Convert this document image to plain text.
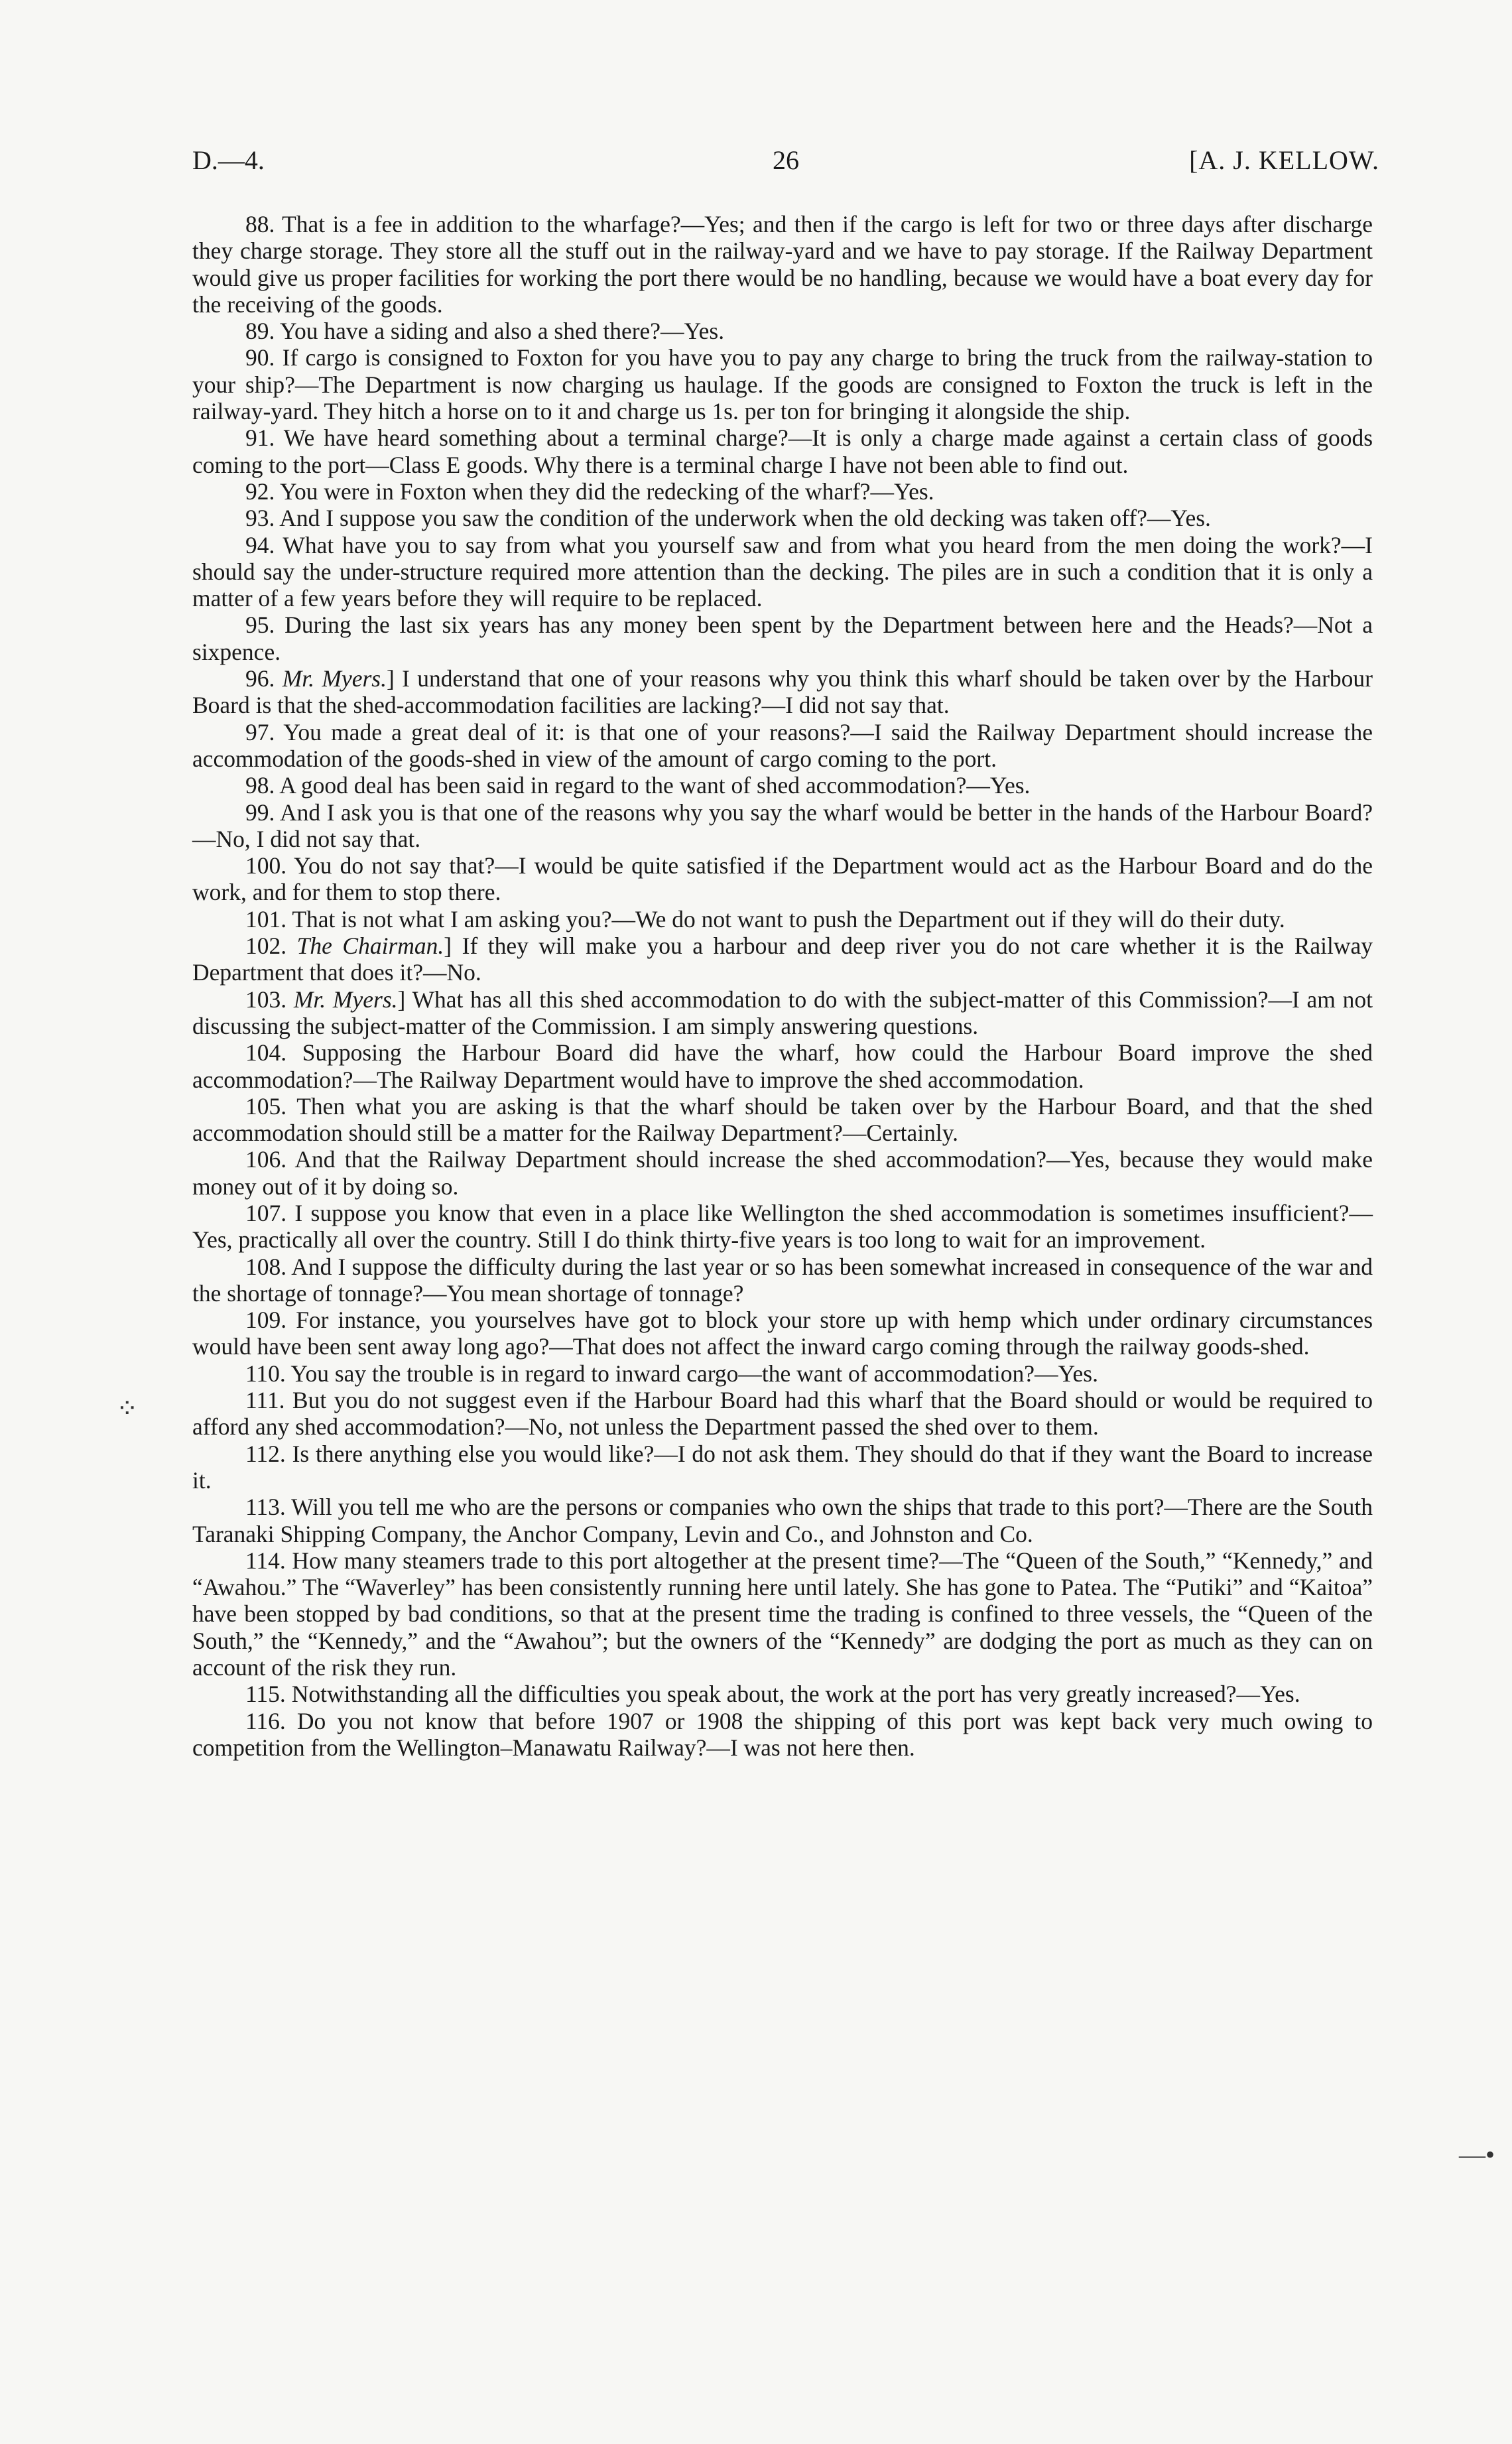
D.—4.	26	[A. J. KELLOW.
⁘
—•

88. That is a fee in addition to the wharfage?—Yes; and then if the cargo is left for two or three days after discharge they charge storage. They store all the stuff out in the railway-yard and we have to pay storage. If the Railway Department would give us proper facilities for working the port there would be no handling, because we would have a boat every day for the receiving of the goods.

89. You have a siding and also a shed there?—Yes.

90. If cargo is consigned to Foxton for you have you to pay any charge to bring the truck from the railway-station to your ship?—The Department is now charging us haulage. If the goods are consigned to Foxton the truck is left in the railway-yard. They hitch a horse on to it and charge us 1s. per ton for bringing it alongside the ship.

91. We have heard something about a terminal charge?—It is only a charge made against a certain class of goods coming to the port—Class E goods. Why there is a terminal charge I have not been able to find out.

92. You were in Foxton when they did the redecking of the wharf?—Yes.

93. And I suppose you saw the condition of the underwork when the old decking was taken off?—Yes.

94. What have you to say from what you yourself saw and from what you heard from the men doing the work?—I should say the under-structure required more attention than the decking. The piles are in such a condition that it is only a matter of a few years before they will require to be replaced.

95. During the last six years has any money been spent by the Department between here and the Heads?—Not a sixpence.

96. Mr. Myers.] I understand that one of your reasons why you think this wharf should be taken over by the Harbour Board is that the shed-accommodation facilities are lacking?—I did not say that.

97. You made a great deal of it: is that one of your reasons?—I said the Railway Department should increase the accommodation of the goods-shed in view of the amount of cargo coming to the port.

98. A good deal has been said in regard to the want of shed accommodation?—Yes.

99. And I ask you is that one of the reasons why you say the wharf would be better in the hands of the Harbour Board?—No, I did not say that.

100. You do not say that?—I would be quite satisfied if the Department would act as the Harbour Board and do the work, and for them to stop there.

101. That is not what I am asking you?—We do not want to push the Department out if they will do their duty.

102. The Chairman.] If they will make you a harbour and deep river you do not care whether it is the Railway Department that does it?—No.

103. Mr. Myers.] What has all this shed accommodation to do with the subject-matter of this Commission?—I am not discussing the subject-matter of the Commission. I am simply answering questions.

104. Supposing the Harbour Board did have the wharf, how could the Harbour Board improve the shed accommodation?—The Railway Department would have to improve the shed accommodation.

105. Then what you are asking is that the wharf should be taken over by the Harbour Board, and that the shed accommodation should still be a matter for the Railway Department?—Certainly.

106. And that the Railway Department should increase the shed accommodation?—Yes, because they would make money out of it by doing so.

107. I suppose you know that even in a place like Wellington the shed accommodation is sometimes insufficient?—Yes, practically all over the country. Still I do think thirty-five years is too long to wait for an improvement.

108. And I suppose the difficulty during the last year or so has been somewhat increased in consequence of the war and the shortage of tonnage?—You mean shortage of tonnage?

109. For instance, you yourselves have got to block your store up with hemp which under ordinary circumstances would have been sent away long ago?—That does not affect the inward cargo coming through the railway goods-shed.

110. You say the trouble is in regard to inward cargo—the want of accommodation?—Yes.

111. But you do not suggest even if the Harbour Board had this wharf that the Board should or would be required to afford any shed accommodation?—No, not unless the Department passed the shed over to them.

112. Is there anything else you would like?—I do not ask them. They should do that if they want the Board to increase it.

113. Will you tell me who are the persons or companies who own the ships that trade to this port?—There are the South Taranaki Shipping Company, the Anchor Company, Levin and Co., and Johnston and Co.

114. How many steamers trade to this port altogether at the present time?—The “Queen of the South,” “Kennedy,” and “Awahou.” The “Waverley” has been consistently running here until lately. She has gone to Patea. The “Putiki” and “Kaitoa” have been stopped by bad conditions, so that at the present time the trading is confined to three vessels, the “Queen of the South,” the “Kennedy,” and the “Awahou”; but the owners of the “Kennedy” are dodging the port as much as they can on account of the risk they run.

115. Notwithstanding all the difficulties you speak about, the work at the port has very greatly increased?—Yes.

116. Do you not know that before 1907 or 1908 the shipping of this port was kept back very much owing to competition from the Wellington–Manawatu Railway?—I was not here then.
